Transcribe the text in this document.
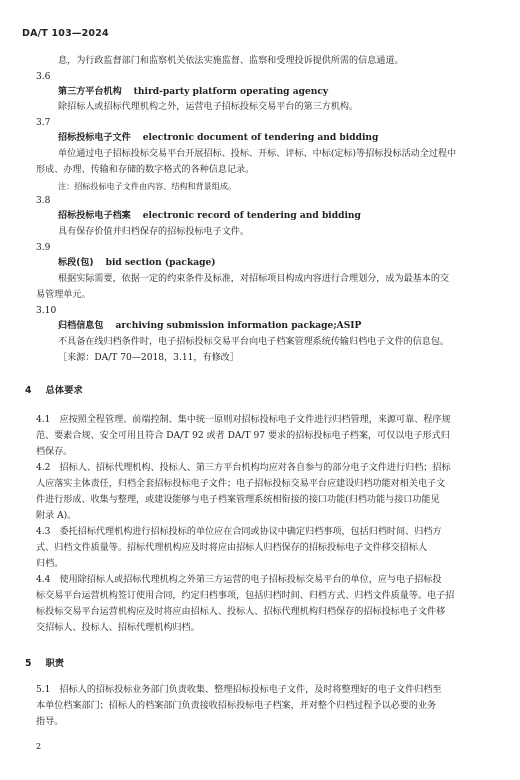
DA/T 103—2024
息，为行政监督部门和监察机关依法实施监督、监察和受理投诉提供所需的信息通道。
3.6
第三方平台机构 third-party platform operating agency
除招标人或招标代理机构之外，运营电子招标投标交易平台的第三方机构。
3.7
招标投标电子文件 electronic document of tendering and bidding
单位通过电子招标投标交易平台开展招标、投标、开标、评标、中标(定标)等招标投标活动全过程中
形成、办理、传输和存储的数字格式的各种信息记录。
注：招标投标电子文件由内容、结构和背景组成。
3.8
招标投标电子档案 electronic record of tendering and bidding
具有保存价值并归档保存的招标投标电子文件。
3.9
标段(包) bid section (package)
根据实际需要，依据一定的约束条件及标准，对招标项目构成内容进行合理划分，成为最基本的交
易管理单元。
3.10
归档信息包 archiving submission information package;ASIP
不具备在线归档条件时，电子招标投标交易平台向电子档案管理系统传输归档电子文件的信息包。
［来源：DA/T 70—2018，3.11，有修改］
4 总体要求
4.1　应按照全程管理、前端控制、集中统一原则对招标投标电子文件进行归档管理，来源可靠、程序规
范、要素合规、安全可用且符合 DA/T 92 或者 DA/T 97 要求的招标投标电子档案，可仅以电子形式归
档保存。
4.2　招标人、招标代理机构、投标人、第三方平台机构均应对各自参与的部分电子文件进行归档；招标
人应落实主体责任，归档全套招标投标电子文件；电子招标投标交易平台应建设归档功能对相关电子文
件进行形成、收集与整理，或建设能够与电子档案管理系统相衔接的接口功能(归档功能与接口功能见
附录 A)。
4.3　委托招标代理机构进行招标投标的单位应在合同或协议中确定归档事项，包括归档时间、归档方
式、归档文件质量等。招标代理机构应及时将应由招标人归档保存的招标投标电子文件移交招标人
归档。
4.4　使用除招标人或招标代理机构之外第三方运营的电子招标投标交易平台的单位，应与电子招标投
标交易平台运营机构签订使用合同，约定归档事项，包括归档时间、归档方式、归档文件质量等。电子招
标投标交易平台运营机构应及时将应由招标人、投标人、招标代理机构归档保存的招标投标电子文件移
交招标人、投标人、招标代理机构归档。
5 职责
5.1　招标人的招标投标业务部门负责收集、整理招标投标电子文件，及时将整理好的电子文件归档至
本单位档案部门；招标人的档案部门负责接收招标投标电子档案，并对整个归档过程予以必要的业务
指导。
2
